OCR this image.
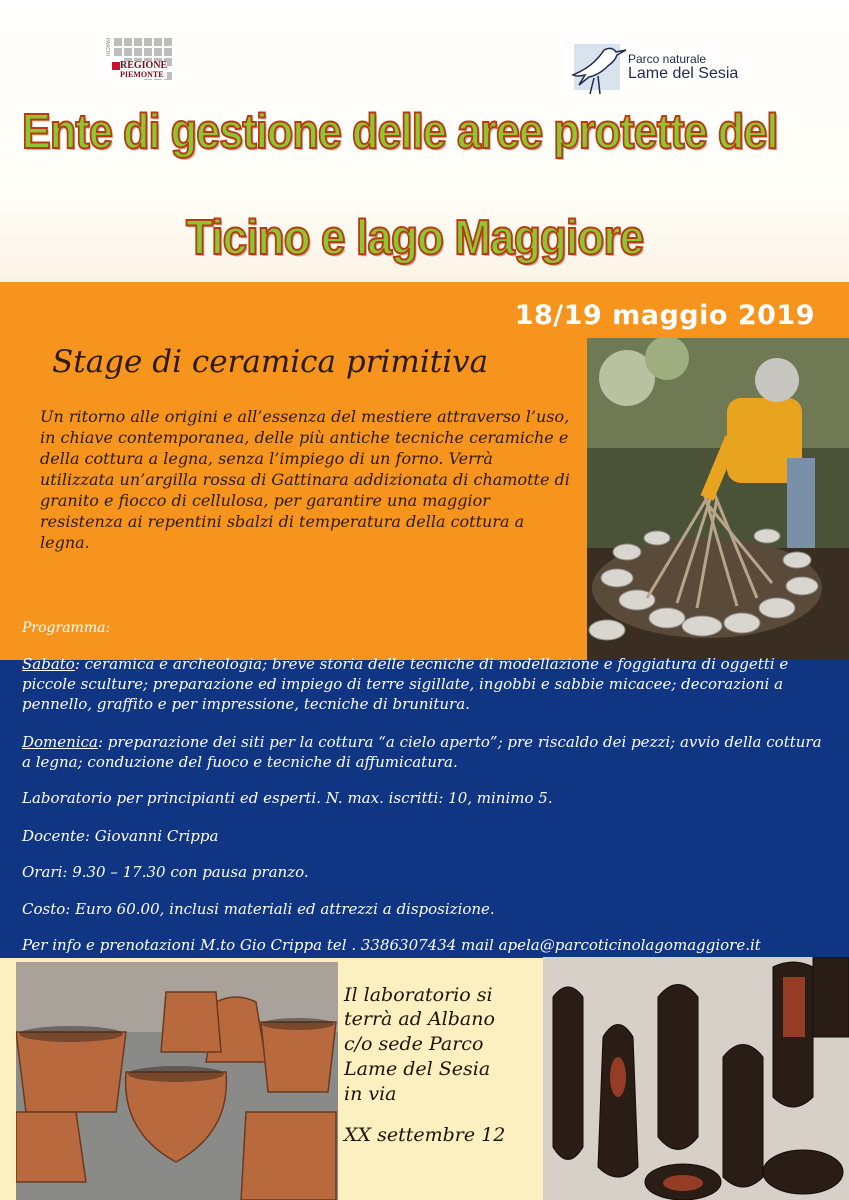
PARCHI
REGIONE
PIEMONTE
Parco naturale
Lame del Sesia
Ente di gestione delle aree protette del
Ticino e lago Maggiore
18/19 maggio 2019
Stage di ceramica primitiva
Un ritorno alle origini e all’essenza del mestiere attraverso l’uso, in chiave contemporanea, delle più antiche tecniche ceramiche e della cottura a legna, senza l’impiego di un forno. Verrà utilizzata un’argilla rossa di Gattinara addizionata di chamotte di granito e fiocco di cellulosa, per garantire una maggior resistenza ai repentini sbalzi di temperatura della cottura a legna.
Programma:
Sabato: ceramica e archeologia; breve storia delle tecniche di modellazione e foggiatura di oggetti e piccole sculture; preparazione ed impiego di terre sigillate, ingobbi e sabbie micacee; decorazioni a pennello, graffito e per impressione, tecniche di brunitura.
Domenica: preparazione dei siti per la cottura “a cielo aperto”; pre riscaldo dei pezzi; avvio della cottura a legna; conduzione del fuoco e tecniche di affumicatura.
Laboratorio per principianti ed esperti. N. max. iscritti: 10, minimo 5.
Docente: Giovanni Crippa
Orari: 9.30 – 17.30 con pausa pranzo.
Costo: Euro 60.00, inclusi materiali ed attrezzi a disposizione.
Per info e prenotazioni M.to Gio Crippa tel . 3386307434 mail apela@parcoticinolagomaggiore.it
Il laboratorio si
terrà ad Albano
c/o sede Parco
Lame del Sesia
in via
XX settembre 12
